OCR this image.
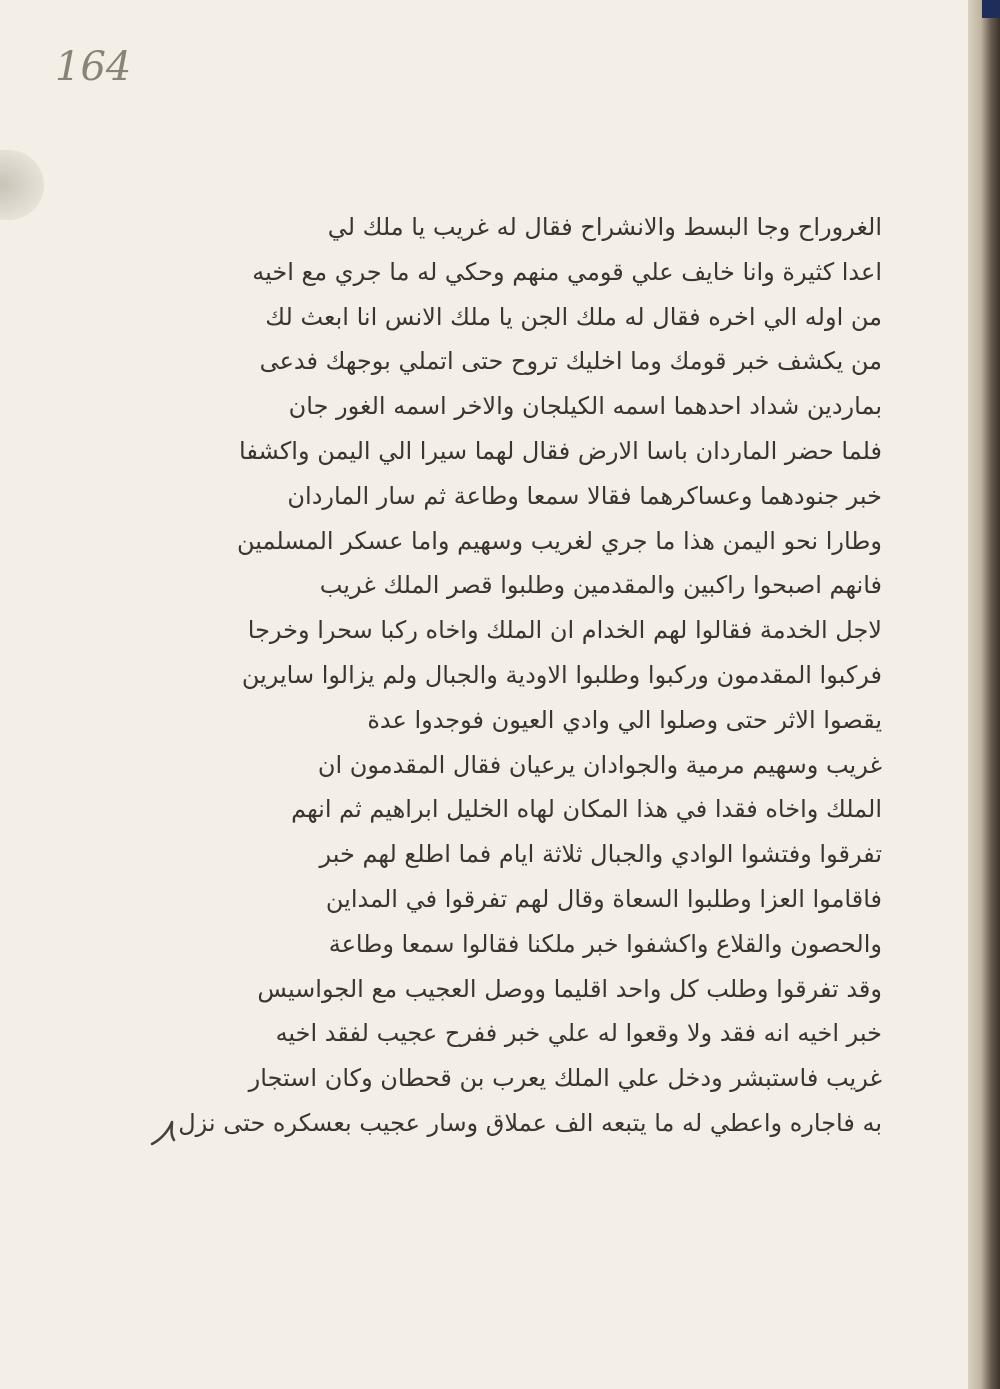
164
الغروراح وجا البسط والانشراح فقال له غريب يا ملك لي
اعدا كثيرة وانا خايف علي قومي منهم وحكي له ما جري مع اخيه
من اوله الي اخره فقال له ملك الجن يا ملك الانس انا ابعث لك
من يكشف خبر قومك وما اخليك تروح حتى اتملي بوجهك فدعى
بماردين شداد احدهما اسمه الكيلجان والاخر اسمه الغور جان
فلما حضر الماردان باسا الارض فقال لهما سيرا الي اليمن واكشفا
خبر جنودهما وعساكرهما فقالا سمعا وطاعة ثم سار الماردان
وطارا نحو اليمن هذا ما جري لغريب وسهيم واما عسكر المسلمين
فانهم اصبحوا راكبين والمقدمين وطلبوا قصر الملك غريب
لاجل الخدمة فقالوا لهم الخدام ان الملك واخاه ركبا سحرا وخرجا
فركبوا المقدمون وركبوا وطلبوا الاودية والجبال ولم يزالوا سايرين
يقصوا الاثر حتى وصلوا الي وادي العيون فوجدوا عدة
غريب وسهيم مرمية والجوادان يرعيان فقال المقدمون ان
الملك واخاه فقدا في هذا المكان لهاه الخليل ابراهيم ثم انهم
تفرقوا وفتشوا الوادي والجبال ثلاثة ايام فما اطلع لهم خبر
فاقاموا العزا وطلبوا السعاة وقال لهم تفرقوا في المداين
والحصون والقلاع واكشفوا خبر ملكنا فقالوا سمعا وطاعة
وقد تفرقوا وطلب كل واحد اقليما ووصل العجيب مع الجواسيس
خبر اخيه انه فقد ولا وقعوا له علي خبر ففرح عجيب لفقد اخيه
غريب فاستبشر ودخل علي الملك يعرب بن قحطان وكان استجار
به فاجاره واعطي له ما يتبعه الف عملاق وسار عجيب بعسكره حتى نزل
